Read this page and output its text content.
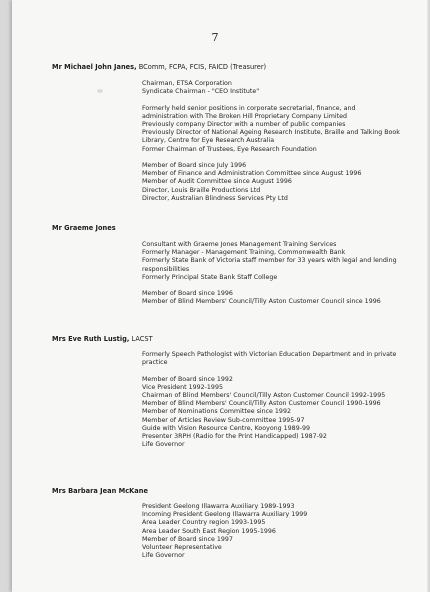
7
Mr Michael John Janes, BComm, FCPA, FCIS, FAICD (Treasurer)
Chairman, ETSA Corporation
Syndicate Chairman - "CEO Institute"
Formerly held senior positions in corporate secretarial, finance, and administration with The Broken Hill Proprietary Company Limited
Previously company Director with a number of public companies
Previously Director of National Ageing Research Institute, Braille and Talking Book Library, Centre for Eye Research Australia
Former Chairman of Trustees, Eye Research Foundation
Member of Board since July 1996
Member of Finance and Administration Committee since August 1996
Member of Audit Committee since August 1996
Director, Louis Braille Productions Ltd
Director, Australian Blindness Services Pty Ltd
Mr Graeme Jones
Consultant with Graeme Jones Management Training Services
Formerly Manager - Management Training, Commonwealth Bank
Formerly State Bank of Victoria staff member for 33 years with legal and lending responsibilities
Formerly Principal State Bank Staff College
Member of Board since 1996
Member of Blind Members' Council/Tilly Aston Customer Council since 1996
Mrs Eve Ruth Lustig, LACST
Formerly Speech Pathologist with Victorian Education Department and in private practice
Member of Board since 1992
Vice President 1992-1995
Chairman of Blind Members' Council/Tilly Aston Customer Council 1992-1995
Member of Blind Members' Council/Tilly Aston Customer Council 1990-1996
Member of Nominations Committee since 1992
Member of Articles Review Sub-committee 1995-97
Guide with Vision Resource Centre, Kooyong 1989-99
Presenter 3RPH (Radio for the Print Handicapped) 1987-92
Life Governor
Mrs Barbara Jean McKane
President Geelong Illawarra Auxiliary 1989-1993
Incoming President Geelong Illawarra Auxiliary 1999
Area Leader Country region 1993-1995
Area Leader South East Region 1995-1996
Member of Board since 1997
Volunteer Representative
Life Governor
